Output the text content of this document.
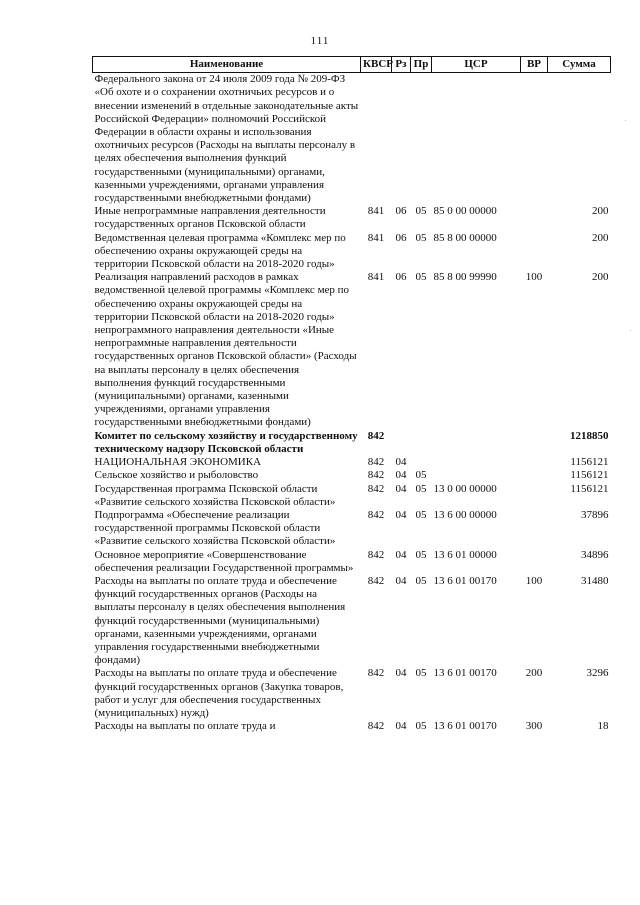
111
Наименование	КВСР	Рз	Пр	ЦСР	ВР	Сумма
Федерального закона от 24 июля 2009 года № 209-ФЗ «Об охоте и о сохранении охотничьих ресурсов и о внесении изменений в отдельные законодательные акты Российской Федерации» полномочий Российской Федерации в области охраны и использования охотничьих ресурсов (Расходы на выплаты персоналу в целях обеспечения выполнения функций государственными (муниципальными) органами, казенными учреждениями, органами управления государственными внебюджетными фондами)						
Иные непрограммные направления деятельности государственных органов Псковской области	841	06	05	85 0 00 00000		200
Ведомственная целевая программа «Комплекс мер по обеспечению охраны окружающей среды на территории Псковской области на 2018-2020 годы»	841	06	05	85 8 00 00000		200
Реализация направлений расходов в рамках ведомственной целевой программы «Комплекс мер по обеспечению охраны окружающей среды на территории Псковской области на 2018-2020 годы» непрограммного направления деятельности «Иные непрограммные направления деятельности государственных органов Псковской области» (Расходы на выплаты персоналу в целях обеспечения выполнения функций государственными (муниципальными) органами, казенными учреждениями, органами управления государственными внебюджетными фондами)	841	06	05	85 8 00 99990	100	200
Комитет по сельскому хозяйству и государственному техническому надзору Псковской области	842					1218850
НАЦИОНАЛЬНАЯ ЭКОНОМИКА	842	04				1156121
Сельское хозяйство и рыболовство	842	04	05			1156121
Государственная программа Псковской области «Развитие сельского хозяйства Псковской области»	842	04	05	13 0 00 00000		1156121
Подпрограмма «Обеспечение реализации государственной программы Псковской области «Развитие сельского хозяйства Псковской области»	842	04	05	13 6 00 00000		37896
Основное мероприятие «Совершенствование обеспечения реализации Государственной программы»	842	04	05	13 6 01 00000		34896
Расходы на выплаты по оплате труда и обеспечение функций государственных органов (Расходы на выплаты персоналу в целях обеспечения выполнения функций государственными (муниципальными) органами, казенными учреждениями, органами управления государственными внебюджетными фондами)	842	04	05	13 6 01 00170	100	31480
Расходы на выплаты по оплате труда и обеспечение функций государственных органов (Закупка товаров, работ и услуг для обеспечения государственных (муниципальных) нужд)	842	04	05	13 6 01 00170	200	3296
Расходы на выплаты по оплате труда и	842	04	05	13 6 01 00170	300	18
